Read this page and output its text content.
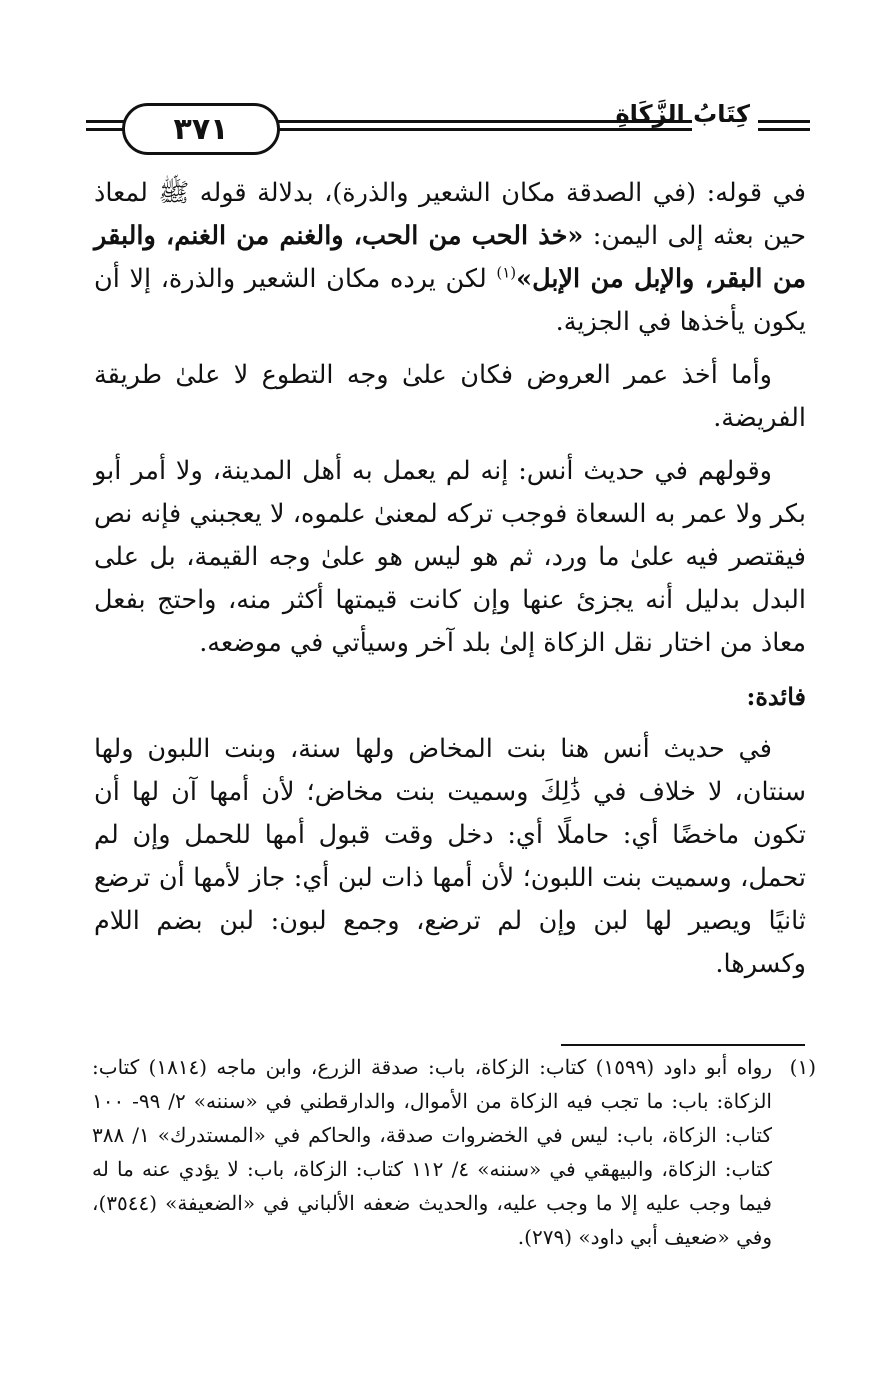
٣٧١	كِتَابُ الزَّكَاةِ

في قوله: (في الصدقة مكان الشعير والذرة)، بدلالة قوله ﷺ لمعاذ حين بعثه إلى اليمن: «خذ الحب من الحب، والغنم من الغنم، والبقر من البقر، والإبل من الإبل»$^{(١)}$ لكن يرده مكان الشعير والذرة، إلا أن يكون يأخذها في الجزية.

وأما أخذ عمر العروض فكان علىٰ وجه التطوع لا علىٰ طريقة الفريضة.

وقولهم في حديث أنس: إنه لم يعمل به أهل المدينة، ولا أمر أبو بكر ولا عمر به السعاة فوجب تركه لمعنىٰ علموه، لا يعجبني فإنه نص فيقتصر فيه علىٰ ما ورد، ثم هو ليس هو علىٰ وجه القيمة، بل على البدل بدليل أنه يجزئ عنها وإن كانت قيمتها أكثر منه، واحتج بفعل معاذ من اختار نقل الزكاة إلىٰ بلد آخر وسيأتي في موضعه.

فائدة:

في حديث أنس هنا بنت المخاض ولها سنة، وبنت اللبون ولها سنتان، لا خلاف في ذَٰلِكَ وسميت بنت مخاض؛ لأن أمها آن لها أن تكون ماخضًا أي: حاملًا أي: دخل وقت قبول أمها للحمل وإن لم تحمل، وسميت بنت اللبون؛ لأن أمها ذات لبن أي: جاز لأمها أن ترضع ثانيًا ويصير لها لبن وإن لم ترضع، وجمع لبون: لبن بضم اللام وكسرها.

(١)
رواه أبو داود (١٥٩٩) كتاب: الزكاة، باب: صدقة الزرع، وابن ماجه (١٨١٤) كتاب: الزكاة: باب: ما تجب فيه الزكاة من الأموال، والدارقطني في «سننه» ٢/ ٩٩- ١٠٠ كتاب: الزكاة، باب: ليس في الخضروات صدقة، والحاكم في «المستدرك» ١/ ٣٨٨ كتاب: الزكاة، والبيهقي في «سننه» ٤/ ١١٢ كتاب: الزكاة، باب: لا يؤدي عنه ما له فيما وجب عليه إلا ما وجب عليه، والحديث ضعفه الألباني في «الضعيفة» (٣٥٤٤)، وفي «ضعيف أبي داود» (٢٧٩).
